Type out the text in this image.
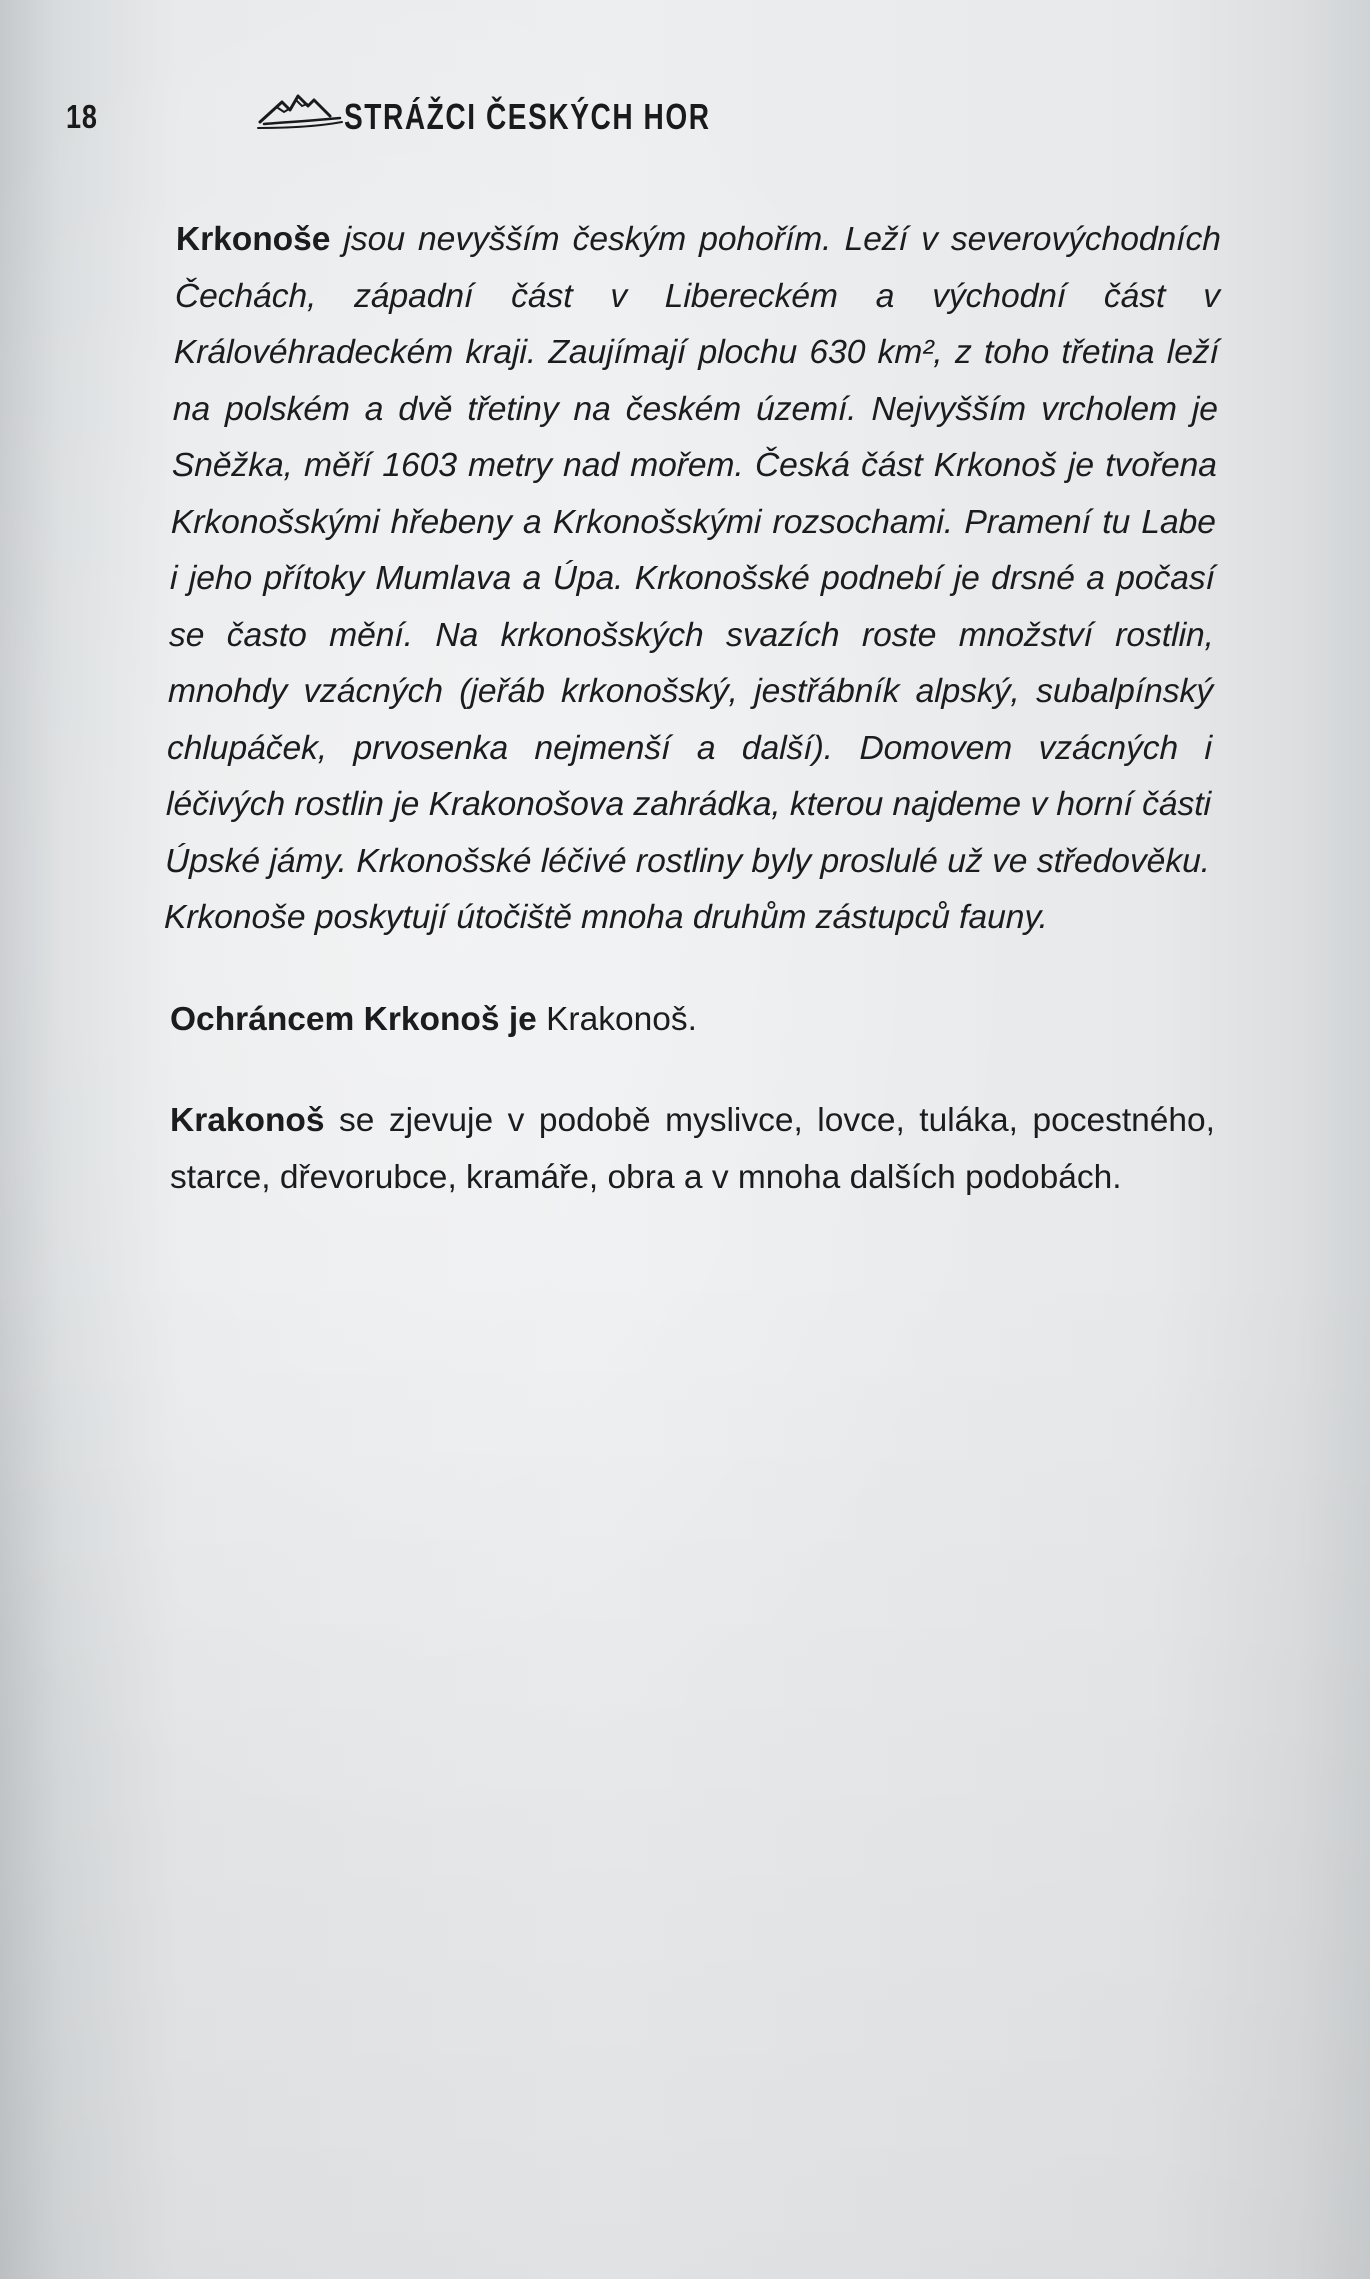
18	STRÁŽCI ČESKÝCH HOR

Krkonoše jsou nevyšším českým pohořím. Leží v severovýchodních Čechách, západní část v Libereckém a východní část v Královéhradeckém kraji. Zaujímají plochu 630 km², z toho třetina leží na polském a dvě třetiny na českém území. Nejvyšším vrcholem je Sněžka, měří 1603 metry nad mořem. Česká část Krkonoš je tvořena Krkonošskými hřebeny a Krkonošskými rozsochami. Pramení tu Labe i jeho přítoky Mumlava a Úpa. Krkonošské podnebí je drsné a počasí se často mění. Na krkonošských svazích roste množství rostlin, mnohdy vzácných (jeřáb krkonošský, jestřábník alpský, subalpínský chlupáček, prvosenka nejmenší a další). Domovem vzácných i léčivých rostlin je Krakonošova zahrádka, kterou najdeme v horní části Úpské jámy. Krkonošské léčivé rostliny byly proslulé už ve středověku. Krkonoše poskytují útočiště mnoha druhům zástupců fauny.

Ochráncem Krkonoš je Krakonoš.

Krakonoš se zjevuje v podobě myslivce, lovce, tuláka, pocestného, starce, dřevorubce, kramáře, obra a v mnoha dalších podobách.
